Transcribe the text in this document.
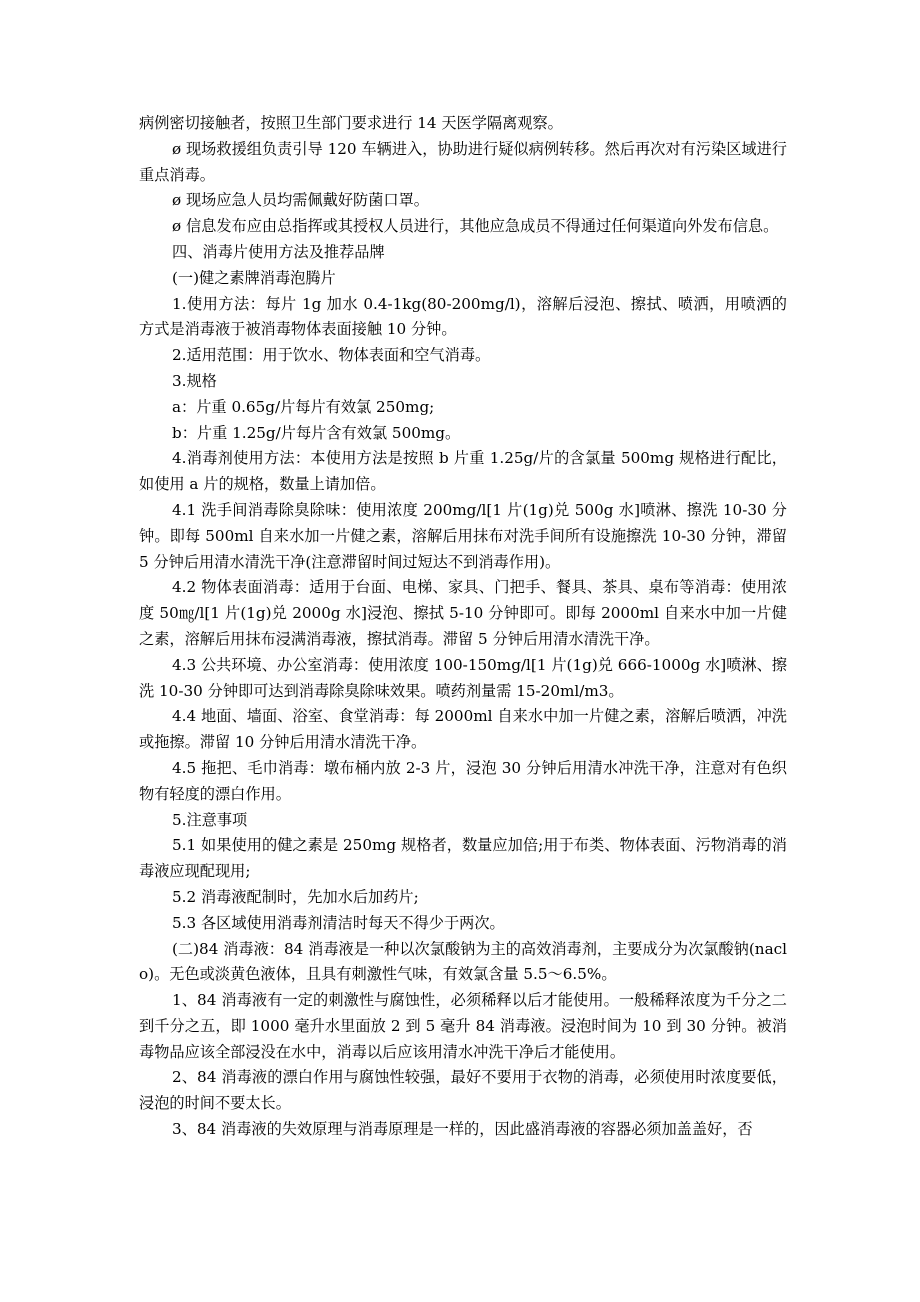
病例密切接触者，按照卫生部门要求进行 14 天医学隔离观察。

ø 现场救援组负责引导 120 车辆进入，协助进行疑似病例转移。然后再次对有污染区域进行重点消毒。

ø 现场应急人员均需佩戴好防菌口罩。

ø 信息发布应由总指挥或其授权人员进行，其他应急成员不得通过任何渠道向外发布信息。

四、消毒片使用方法及推荐品牌

(一)健之素牌消毒泡腾片

1.使用方法：每片 1g 加水 0.4-1kg(80-200mg/l)，溶解后浸泡、擦拭、喷洒，用喷洒的方式是消毒液于被消毒物体表面接触 10 分钟。

2.适用范围：用于饮水、物体表面和空气消毒。

3.规格

a：片重 0.65g/片每片有效氯 250mg;

b：片重 1.25g/片每片含有效氯 500mg。

4.消毒剂使用方法：本使用方法是按照 b 片重 1.25g/片的含氯量 500mg 规格进行配比，如使用 a 片的规格，数量上请加倍。

4.1 洗手间消毒除臭除味：使用浓度 200mg/l[1 片(1g)兑 500g 水]喷淋、擦洗 10-30 分钟。即每 500ml 自来水加一片健之素，溶解后用抹布对洗手间所有设施擦洗 10-30 分钟，滞留 5 分钟后用清水清洗干净(注意滞留时间过短达不到消毒作用)。

4.2 物体表面消毒：适用于台面、电梯、家具、门把手、餐具、茶具、桌布等消毒：使用浓度 50㎎/l[1 片(1g)兑 2000g 水]浸泡、擦拭 5-10 分钟即可。即每 2000ml 自来水中加一片健之素，溶解后用抹布浸满消毒液，擦拭消毒。滞留 5 分钟后用清水清洗干净。

4.3 公共环境、办公室消毒：使用浓度 100-150mg/l[1 片(1g)兑 666-1000g 水]喷淋、擦洗 10-30 分钟即可达到消毒除臭除味效果。喷药剂量需 15-20ml/m3。

4.4 地面、墙面、浴室、食堂消毒：每 2000ml 自来水中加一片健之素，溶解后喷洒，冲洗或拖擦。滞留 10 分钟后用清水清洗干净。

4.5 拖把、毛巾消毒：墩布桶内放 2-3 片，浸泡 30 分钟后用清水冲洗干净，注意对有色织物有轻度的漂白作用。

5.注意事项

5.1 如果使用的健之素是 250mg 规格者，数量应加倍;用于布类、物体表面、污物消毒的消毒液应现配现用;

5.2 消毒液配制时，先加水后加药片;

5.3 各区域使用消毒剂清洁时每天不得少于两次。

(二)84 消毒液：84 消毒液是一种以次氯酸钠为主的高效消毒剂，主要成分为次氯酸钠(naclo)。无色或淡黄色液体，且具有刺激性气味，有效氯含量 5.5～6.5%。

1、84 消毒液有一定的刺激性与腐蚀性，必须稀释以后才能使用。一般稀释浓度为千分之二到千分之五，即 1000 毫升水里面放 2 到 5 毫升 84 消毒液。浸泡时间为 10 到 30 分钟。被消毒物品应该全部浸没在水中，消毒以后应该用清水冲洗干净后才能使用。

2、84 消毒液的漂白作用与腐蚀性较强，最好不要用于衣物的消毒，必须使用时浓度要低，浸泡的时间不要太长。

3、84 消毒液的失效原理与消毒原理是一样的，因此盛消毒液的容器必须加盖盖好，否
